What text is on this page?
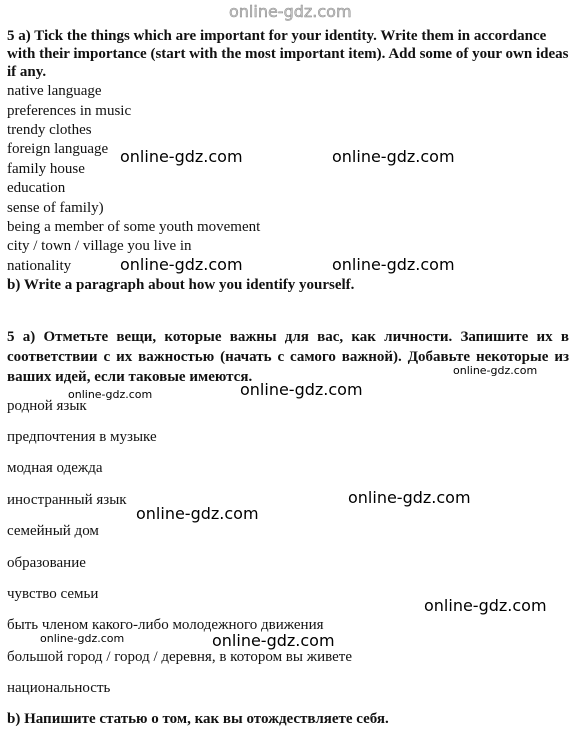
online-gdz.com
5 a) Tick the things which are important for your identity. Write them in accordance with their importance (start with the most important item). Add some of your own ideas if any.
native language
preferences in music
trendy clothes
foreign language
family house
education
sense of family)
being a member of some youth movement
city / town / village you live in
nationality
b) Write a paragraph about how you identify yourself.
online-gdz.com	online-gdz.com
online-gdz.com	online-gdz.com
5 а) Отметьте вещи, которые важны для вас, как личности. Запишите их в соответствии с их важностью (начать с самого важной). Добавьте некоторые из ваших идей, если таковые имеются.
родной язык
предпочтения в музыке
модная одежда
иностранный язык
семейный дом
образование
чувство семьи
быть членом какого-либо молодежного движения
большой город / город / деревня, в котором вы живете
национальность
b) Напишите статью о том, как вы отождествляете себя.
online-gdz.com
online-gdz.com
online-gdz.com
online-gdz.com
online-gdz.com
online-gdz.com
online-gdz.com	online-gdz.com
